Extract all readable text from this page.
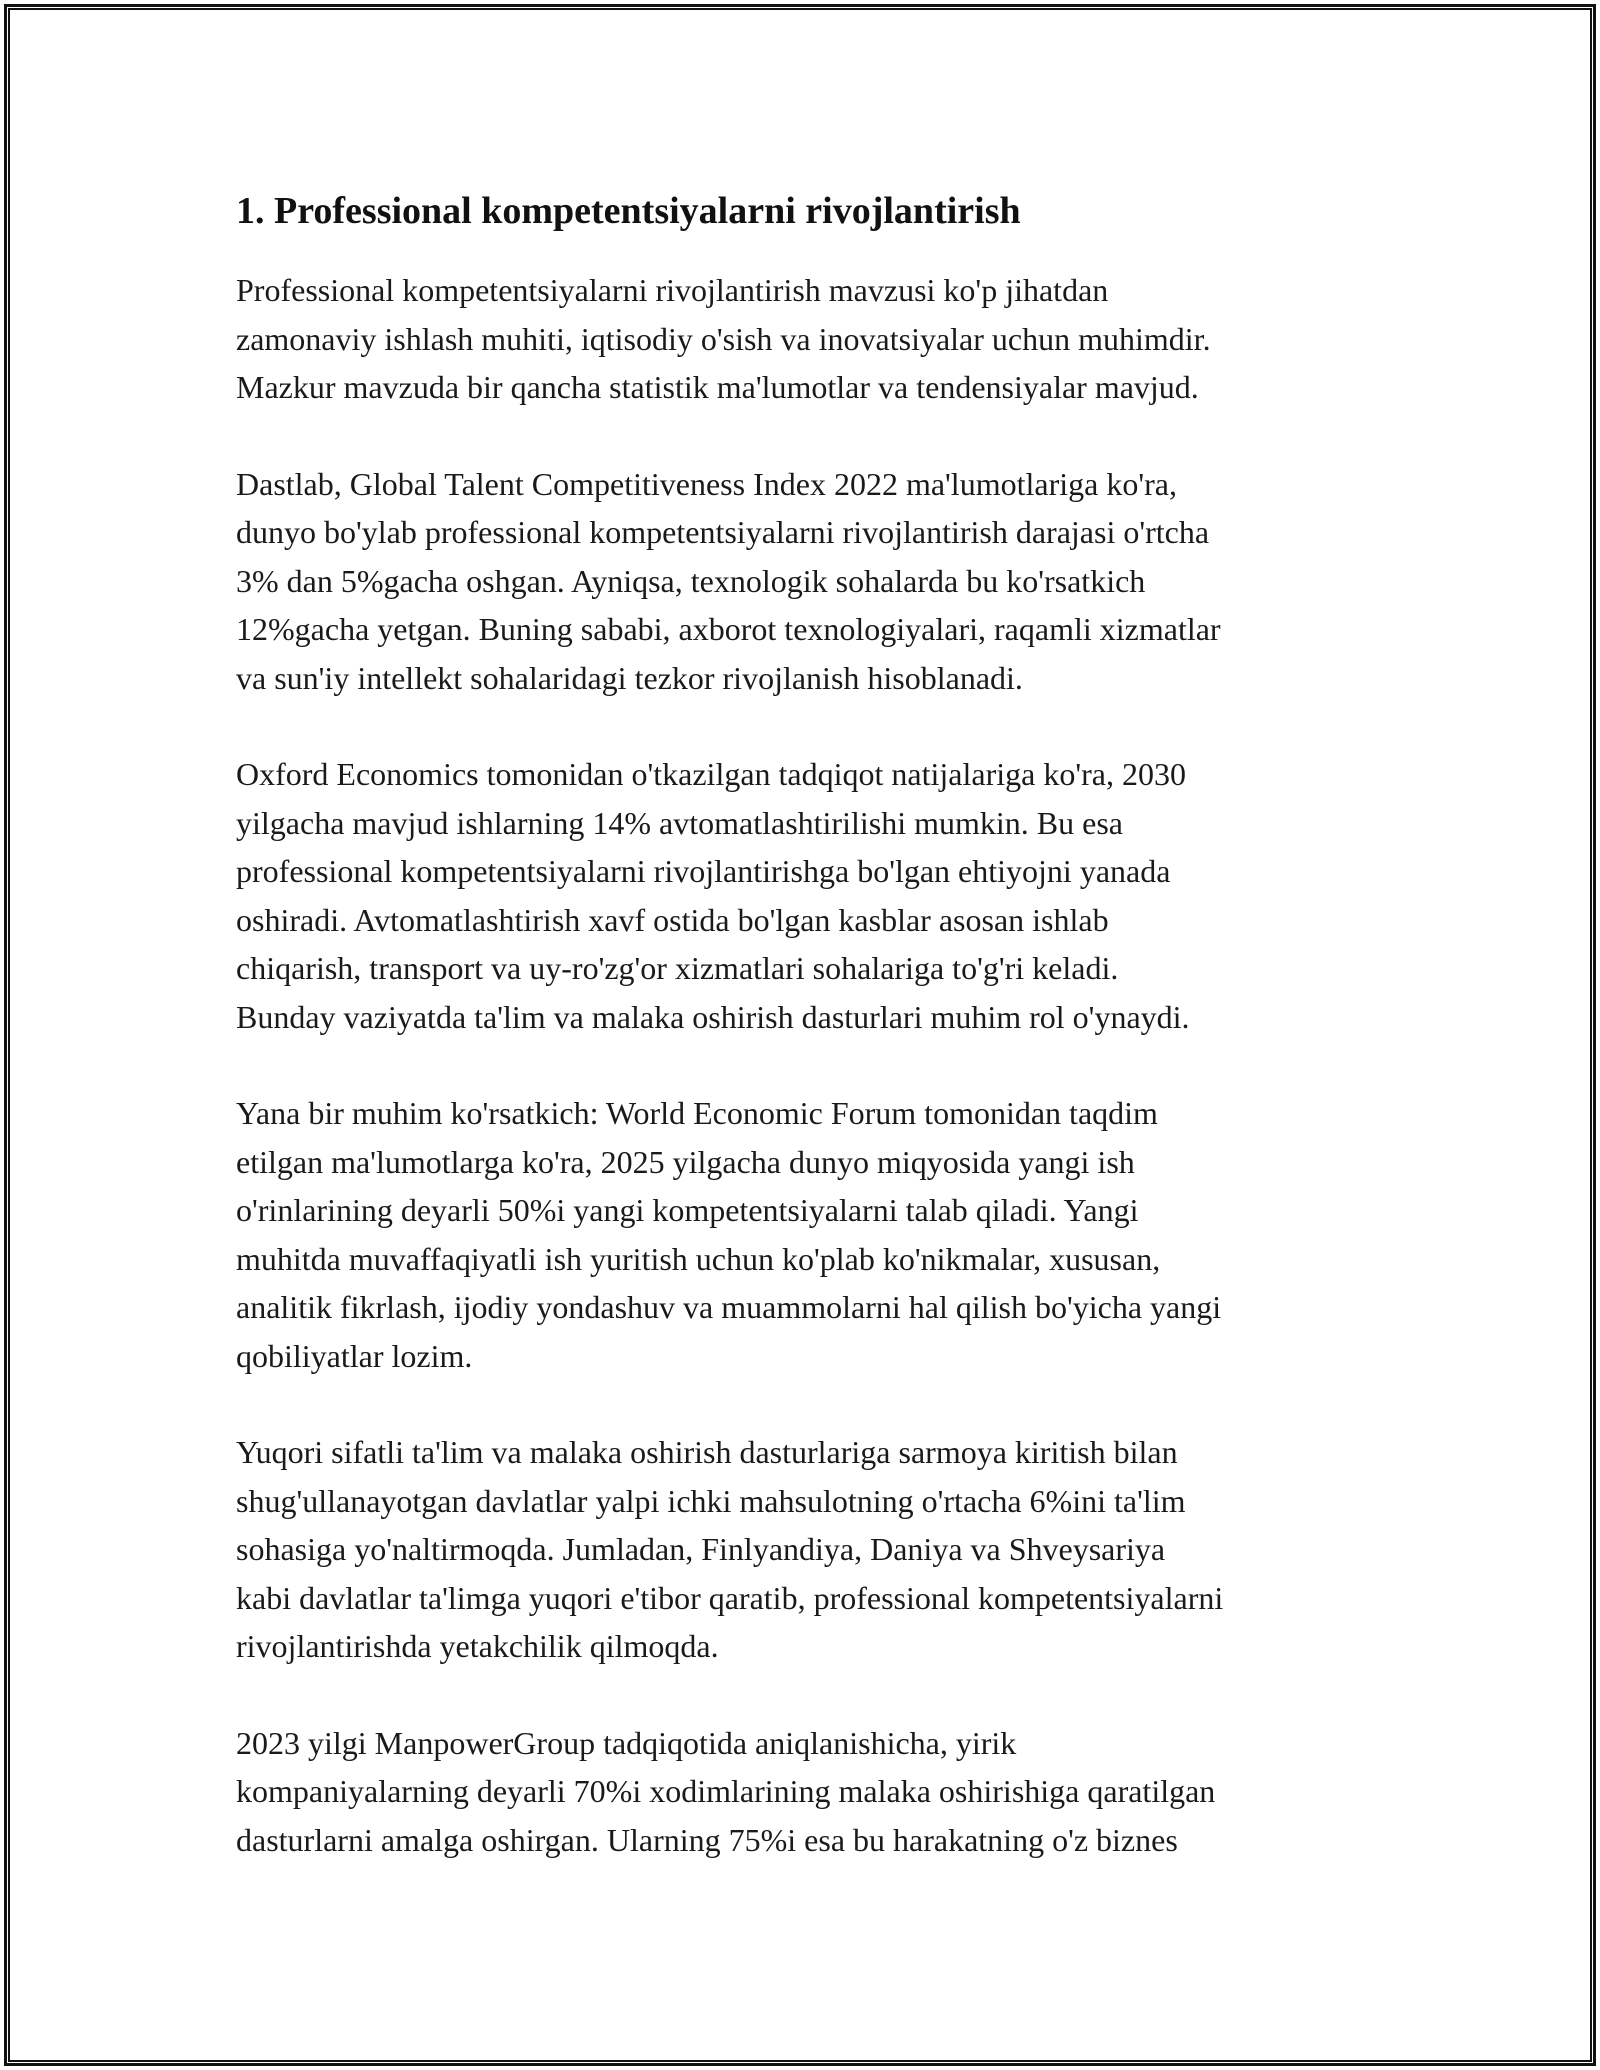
1. Professional kompetentsiyalarni rivojlantirish
Professional kompetentsiyalarni rivojlantirish mavzusi ko'p jihatdan
zamonaviy ishlash muhiti, iqtisodiy o'sish va inovatsiyalar uchun muhimdir.
Mazkur mavzuda bir qancha statistik ma'lumotlar va tendensiyalar mavjud.
Dastlab, Global Talent Competitiveness Index 2022 ma'lumotlariga ko'ra,
dunyo bo'ylab professional kompetentsiyalarni rivojlantirish darajasi o'rtcha
3% dan 5%gacha oshgan. Ayniqsa, texnologik sohalarda bu ko'rsatkich
12%gacha yetgan. Buning sababi, axborot texnologiyalari, raqamli xizmatlar
va sun'iy intellekt sohalaridagi tezkor rivojlanish hisoblanadi.
Oxford Economics tomonidan o'tkazilgan tadqiqot natijalariga ko'ra, 2030
yilgacha mavjud ishlarning 14% avtomatlashtirilishi mumkin. Bu esa
professional kompetentsiyalarni rivojlantirishga bo'lgan ehtiyojni yanada
oshiradi. Avtomatlashtirish xavf ostida bo'lgan kasblar asosan ishlab
chiqarish, transport va uy-ro'zg'or xizmatlari sohalariga to'g'ri keladi.
Bunday vaziyatda ta'lim va malaka oshirish dasturlari muhim rol o'ynaydi.
Yana bir muhim ko'rsatkich: World Economic Forum tomonidan taqdim
etilgan ma'lumotlarga ko'ra, 2025 yilgacha dunyo miqyosida yangi ish
o'rinlarining deyarli 50%i yangi kompetentsiyalarni talab qiladi. Yangi
muhitda muvaffaqiyatli ish yuritish uchun ko'plab ko'nikmalar, xususan,
analitik fikrlash, ijodiy yondashuv va muammolarni hal qilish bo'yicha yangi
qobiliyatlar lozim.
Yuqori sifatli ta'lim va malaka oshirish dasturlariga sarmoya kiritish bilan
shug'ullanayotgan davlatlar yalpi ichki mahsulotning o'rtacha 6%ini ta'lim
sohasiga yo'naltirmoqda. Jumladan, Finlyandiya, Daniya va Shveysariya
kabi davlatlar ta'limga yuqori e'tibor qaratib, professional kompetentsiyalarni
rivojlantirishda yetakchilik qilmoqda.
2023 yilgi ManpowerGroup tadqiqotida aniqlanishicha, yirik
kompaniyalarning deyarli 70%i xodimlarining malaka oshirishiga qaratilgan
dasturlarni amalga oshirgan. Ularning 75%i esa bu harakatning o'z biznes
